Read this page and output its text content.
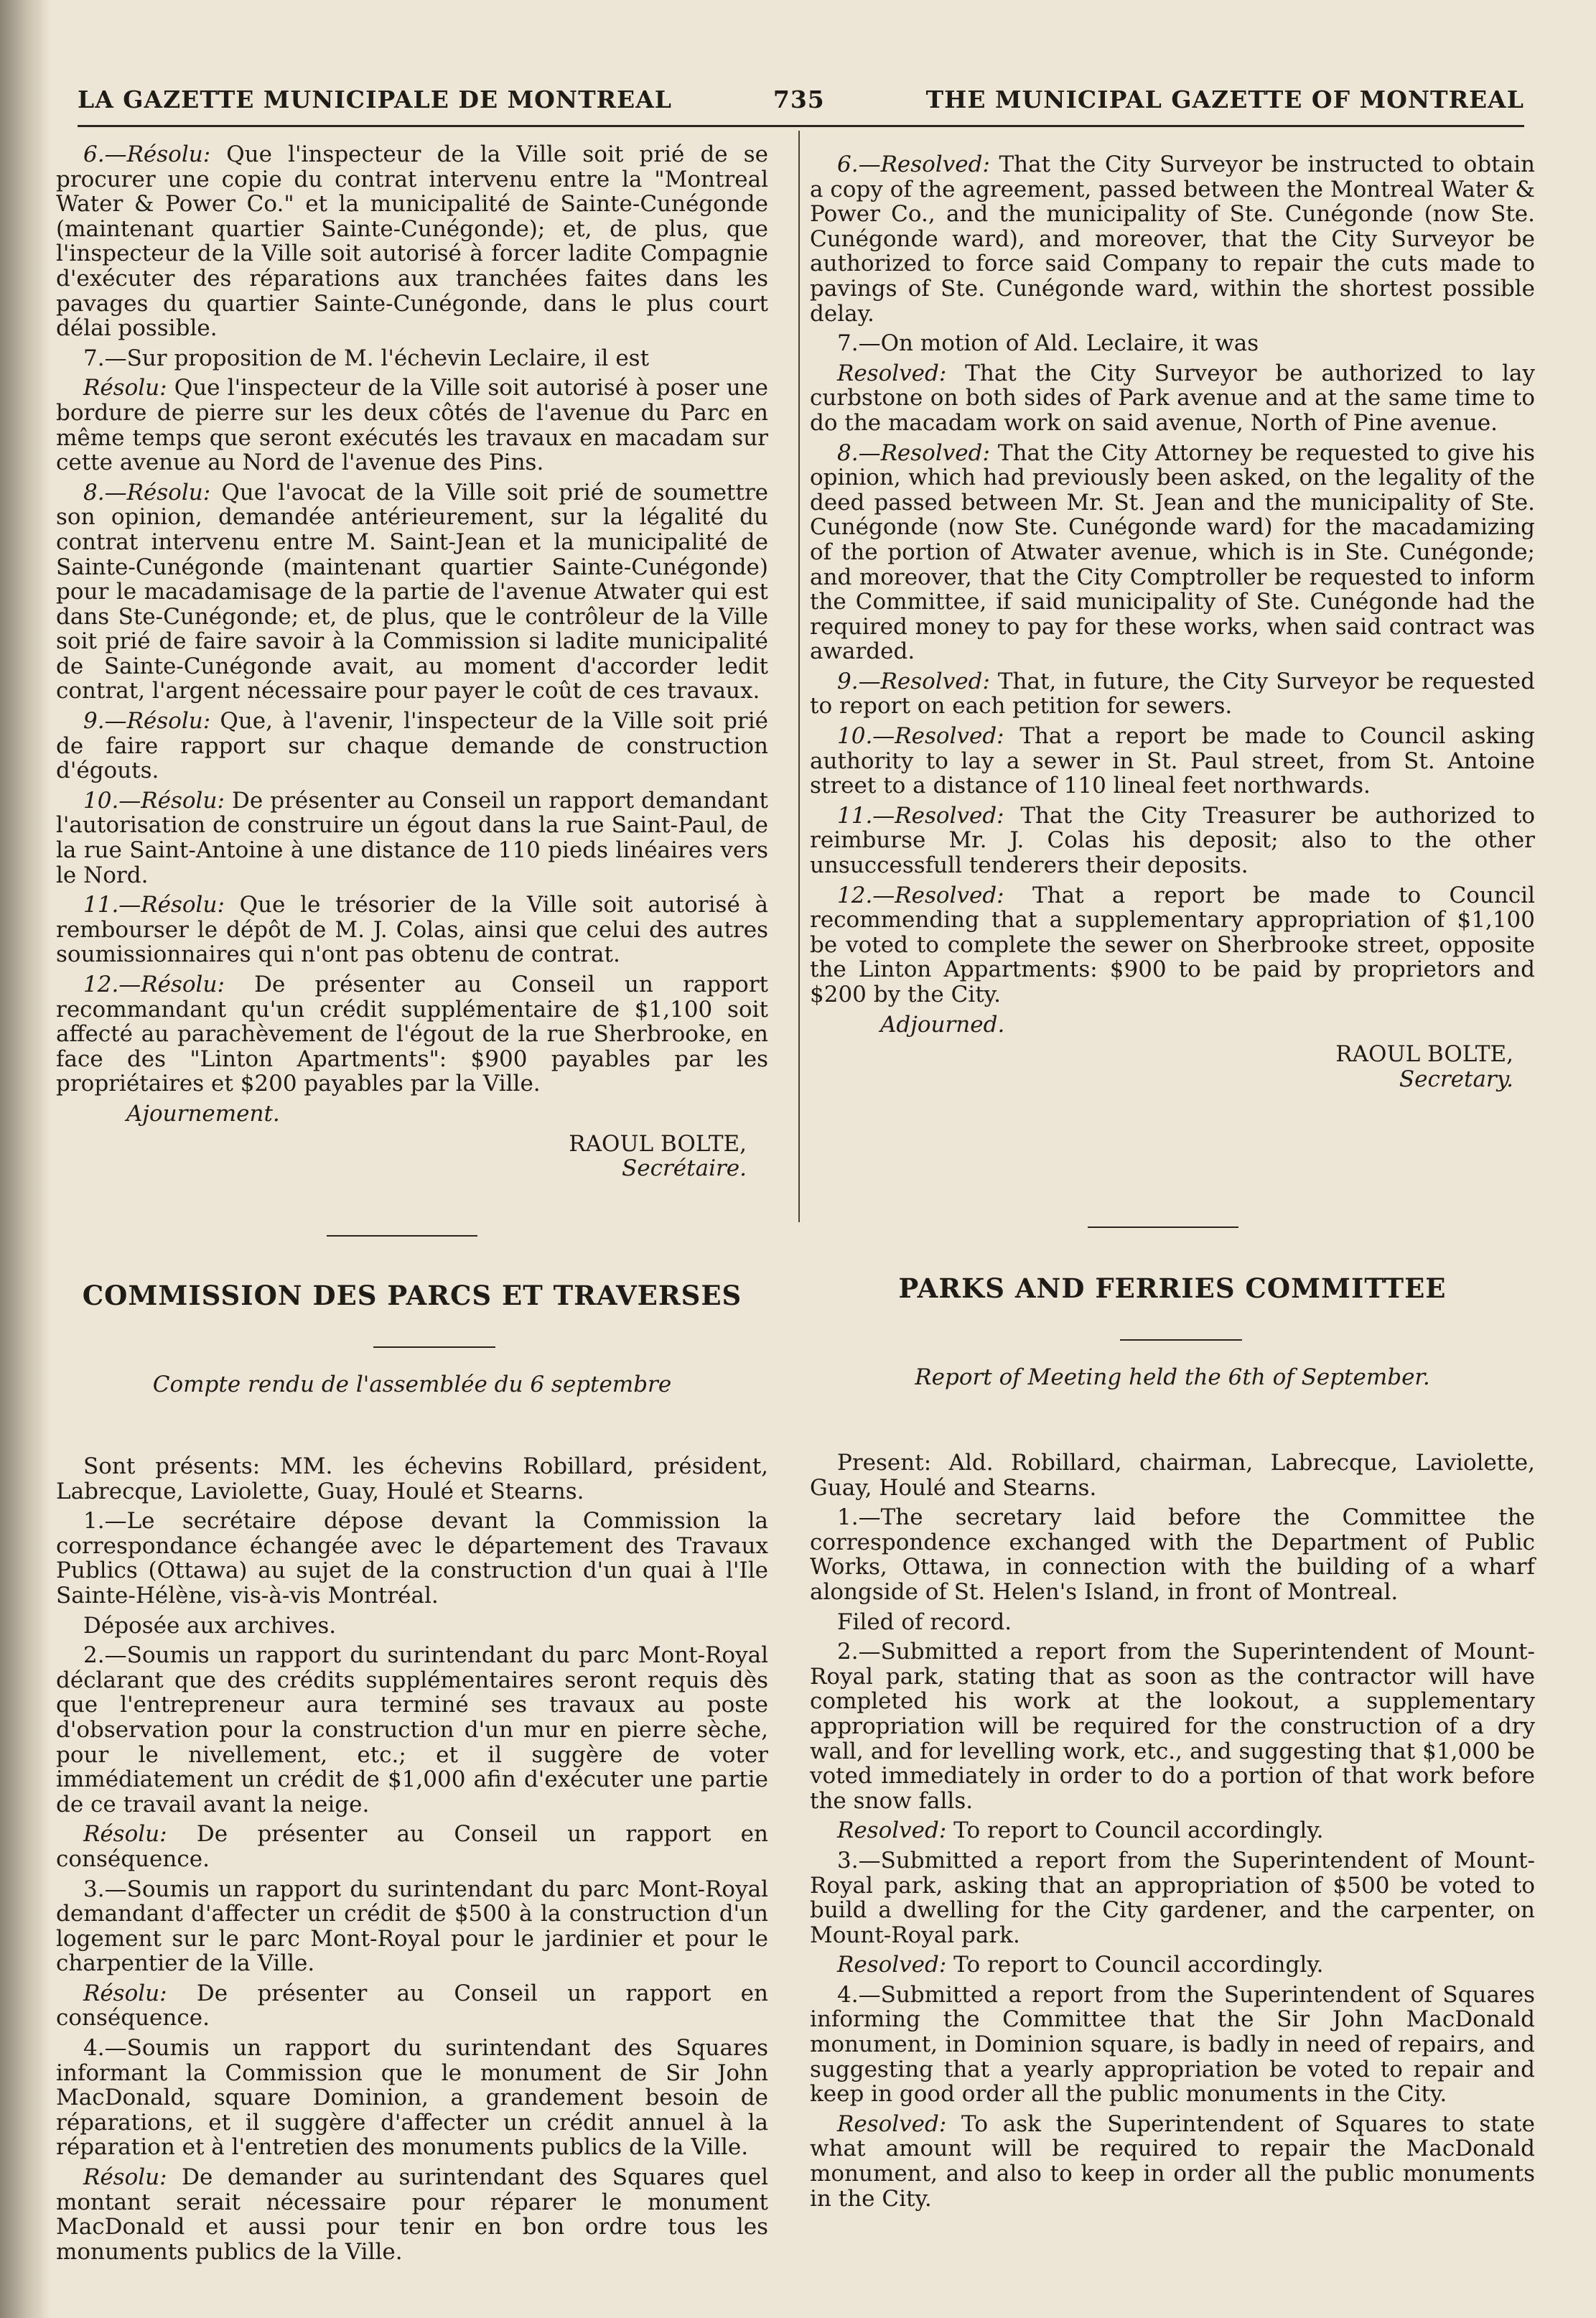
LA GAZETTE MUNICIPALE DE MONTREAL	735	THE MUNICIPAL GAZETTE OF MONTREAL

6.—Résolu: Que l'inspecteur de la Ville soit prié de se procurer une copie du contrat intervenu entre la "Montreal Water & Power Co." et la municipalité de Sainte-Cunégonde (maintenant quartier Sainte-Cunégonde); et, de plus, que l'inspecteur de la Ville soit autorisé à forcer ladite Compagnie d'exécuter des réparations aux tranchées faites dans les pavages du quartier Sainte-Cunégonde, dans le plus court délai possible.

7.—Sur proposition de M. l'échevin Leclaire, il est

Résolu: Que l'inspecteur de la Ville soit autorisé à poser une bordure de pierre sur les deux côtés de l'avenue du Parc en même temps que seront exécutés les travaux en macadam sur cette avenue au Nord de l'avenue des Pins.

8.—Résolu: Que l'avocat de la Ville soit prié de soumettre son opinion, demandée antérieurement, sur la légalité du contrat intervenu entre M. Saint-Jean et la municipalité de Sainte-Cunégonde (maintenant quartier Sainte-Cunégonde) pour le macadamisage de la partie de l'avenue Atwater qui est dans Ste-Cunégonde; et, de plus, que le contrôleur de la Ville soit prié de faire savoir à la Commission si ladite municipalité de Sainte-Cunégonde avait, au moment d'accorder ledit contrat, l'argent nécessaire pour payer le coût de ces travaux.

9.—Résolu: Que, à l'avenir, l'inspecteur de la Ville soit prié de faire rapport sur chaque demande de construction d'égouts.

10.—Résolu: De présenter au Conseil un rapport demandant l'autorisation de construire un égout dans la rue Saint-Paul, de la rue Saint-Antoine à une distance de 110 pieds linéaires vers le Nord.

11.—Résolu: Que le trésorier de la Ville soit autorisé à rembourser le dépôt de M. J. Colas, ainsi que celui des autres soumissionnaires qui n'ont pas obtenu de contrat.

12.—Résolu: De présenter au Conseil un rapport recommandant qu'un crédit supplémentaire de $1,100 soit affecté au parachèvement de l'égout de la rue Sherbrooke, en face des "Linton Apartments": $900 payables par les propriétaires et $200 payables par la Ville.

Ajournement.

RAOUL BOLTE,
Secrétaire.

6.—Resolved: That the City Surveyor be instructed to obtain a copy of the agreement, passed between the Montreal Water & Power Co., and the municipality of Ste. Cunégonde (now Ste. Cunégonde ward), and moreover, that the City Surveyor be authorized to force said Company to repair the cuts made to pavings of Ste. Cunégonde ward, within the shortest possible delay.

7.—On motion of Ald. Leclaire, it was

Resolved: That the City Surveyor be authorized to lay curbstone on both sides of Park avenue and at the same time to do the macadam work on said avenue, North of Pine avenue.

8.—Resolved: That the City Attorney be requested to give his opinion, which had previously been asked, on the legality of the deed passed between Mr. St. Jean and the municipality of Ste. Cunégonde (now Ste. Cunégonde ward) for the macadamizing of the portion of Atwater avenue, which is in Ste. Cunégonde; and moreover, that the City Comptroller be requested to inform the Committee, if said municipality of Ste. Cunégonde had the required money to pay for these works, when said contract was awarded.

9.—Resolved: That, in future, the City Surveyor be requested to report on each petition for sewers.

10.—Resolved: That a report be made to Council asking authority to lay a sewer in St. Paul street, from St. Antoine street to a distance of 110 lineal feet northwards.

11.—Resolved: That the City Treasurer be authorized to reimburse Mr. J. Colas his deposit; also to the other unsuccessfull tenderers their deposits.

12.—Resolved: That a report be made to Council recommending that a supplementary appropriation of $1,100 be voted to complete the sewer on Sherbrooke street, opposite the Linton Appartments: $900 to be paid by proprietors and $200 by the City.

Adjourned.

RAOUL BOLTE,
Secretary.
COMMISSION DES PARCS ET TRAVERSES	PARKS AND FERRIES COMMITTEE
Compte rendu de l'assemblée du 6 septembre	Report of Meeting held the 6th of September.

Sont présents: MM. les échevins Robillard, président, Labrecque, Laviolette, Guay, Houlé et Stearns.

1.—Le secrétaire dépose devant la Commission la correspondance échangée avec le département des Travaux Publics (Ottawa) au sujet de la construction d'un quai à l'Ile Sainte-Hélène, vis-à-vis Montréal.

Déposée aux archives.

2.—Soumis un rapport du surintendant du parc Mont-Royal déclarant que des crédits supplémentaires seront requis dès que l'entrepreneur aura terminé ses travaux au poste d'observation pour la construction d'un mur en pierre sèche, pour le nivellement, etc.; et il suggère de voter immédiatement un crédit de $1,000 afin d'exécuter une partie de ce travail avant la neige.

Résolu: De présenter au Conseil un rapport en conséquence.

3.—Soumis un rapport du surintendant du parc Mont-Royal demandant d'affecter un crédit de $500 à la construction d'un logement sur le parc Mont-Royal pour le jardinier et pour le charpentier de la Ville.

Résolu: De présenter au Conseil un rapport en conséquence.

4.—Soumis un rapport du surintendant des Squares informant la Commission que le monument de Sir John MacDonald, square Dominion, a grandement besoin de réparations, et il suggère d'affecter un crédit annuel à la réparation et à l'entretien des monuments publics de la Ville.

Résolu: De demander au surintendant des Squares quel montant serait nécessaire pour réparer le monument MacDonald et aussi pour tenir en bon ordre tous les monuments publics de la Ville.

Present: Ald. Robillard, chairman, Labrecque, Laviolette, Guay, Houlé and Stearns.

1.—The secretary laid before the Committee the correspondence exchanged with the Department of Public Works, Ottawa, in connection with the building of a wharf alongside of St. Helen's Island, in front of Montreal.

Filed of record.

2.—Submitted a report from the Superintendent of Mount-Royal park, stating that as soon as the contractor will have completed his work at the lookout, a supplementary appropriation will be required for the construction of a dry wall, and for levelling work, etc., and suggesting that $1,000 be voted immediately in order to do a portion of that work before the snow falls.

Resolved: To report to Council accordingly.

3.—Submitted a report from the Superintendent of Mount-Royal park, asking that an appropriation of $500 be voted to build a dwelling for the City gardener, and the carpenter, on Mount-Royal park.

Resolved: To report to Council accordingly.

4.—Submitted a report from the Superintendent of Squares informing the Committee that the Sir John MacDonald monument, in Dominion square, is badly in need of repairs, and suggesting that a yearly appropriation be voted to repair and keep in good order all the public monuments in the City.

Resolved: To ask the Superintendent of Squares to state what amount will be required to repair the MacDonald monument, and also to keep in order all the public monuments in the City.
